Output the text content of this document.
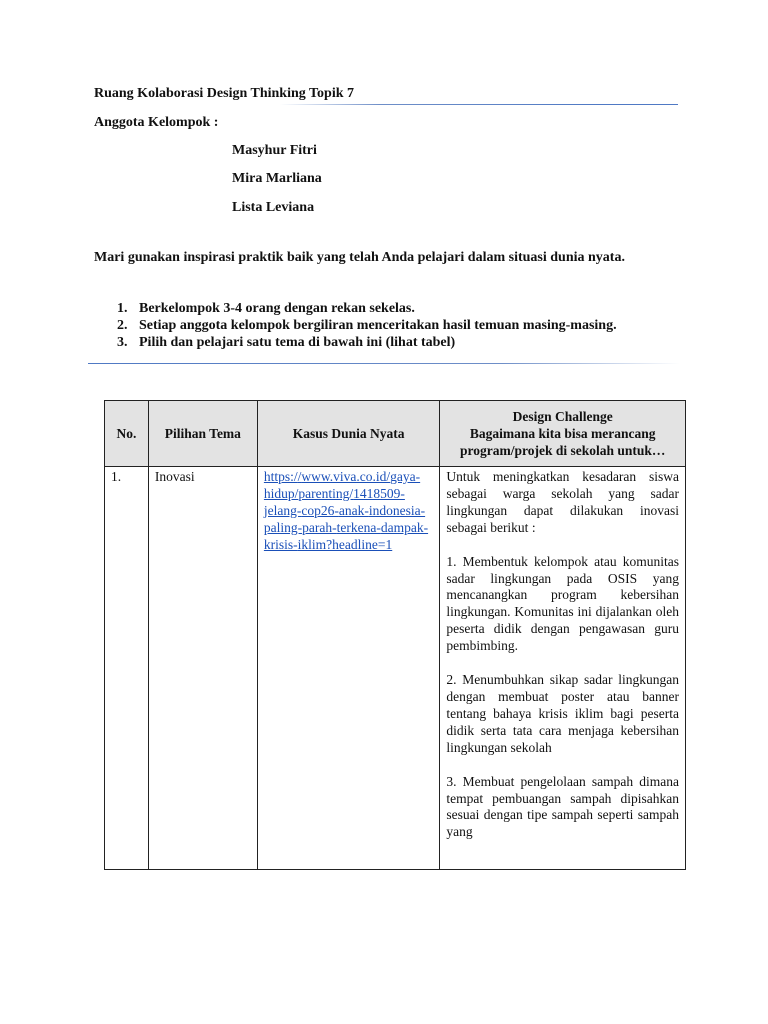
Ruang Kolaborasi Design Thinking Topik 7
Anggota Kelompok :
Masyhur Fitri
Mira Marliana
Lista Leviana
Mari gunakan inspirasi praktik baik yang telah Anda pelajari dalam situasi dunia nyata.
1. Berkelompok 3-4 orang dengan rekan sekelas.
2. Setiap anggota kelompok bergiliran menceritakan hasil temuan masing-masing.
3. Pilih dan pelajari satu tema di bawah ini (lihat tabel)
No.	Pilihan Tema	Kasus Dunia Nyata	Design Challenge
Bagaimana kita bisa merancang program/projek di sekolah untuk…

1.	Inovasi	https://www.viva.co.id/gaya-hidup/parenting/1418509-jelang-cop26-anak-indonesia-paling-parah-terkena-dampak-krisis-iklim?headline=1	Untuk meningkatkan kesadaran siswa sebagai warga sekolah yang sadar lingkungan dapat dilakukan inovasi sebagai berikut :

1. Membentuk kelompok atau komunitas sadar lingkungan pada OSIS yang mencanangkan program kebersihan lingkungan. Komunitas ini dijalankan oleh peserta didik dengan pengawasan guru pembimbing.

2. Menumbuhkan sikap sadar lingkungan dengan membuat poster atau banner tentang bahaya krisis iklim bagi peserta didik serta tata cara menjaga kebersihan lingkungan sekolah

3. Membuat pengelolaan sampah dimana tempat pembuangan sampah dipisahkan sesuai dengan tipe sampah seperti sampah yang
